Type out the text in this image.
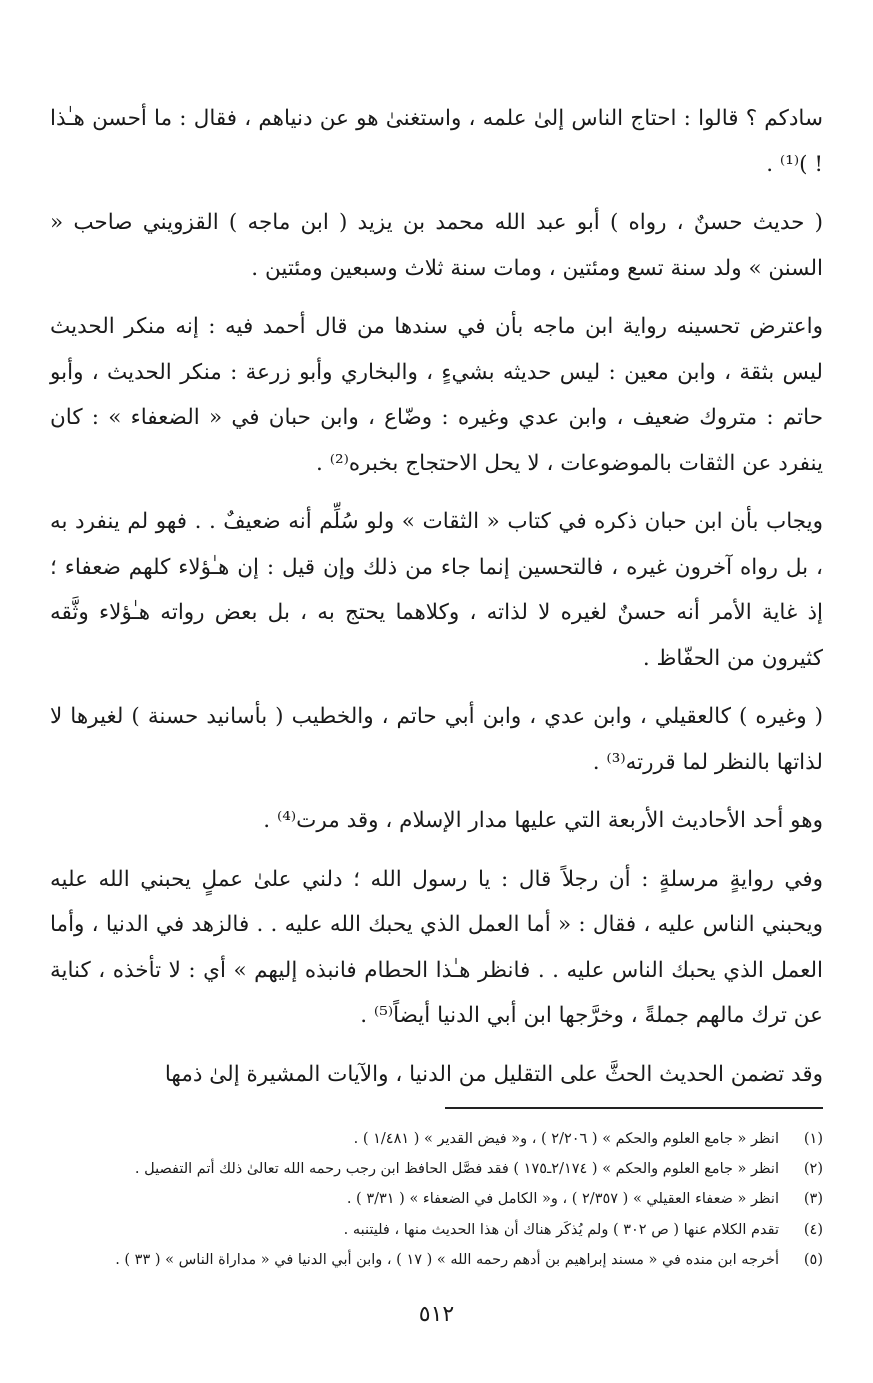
سادكم ؟ قالوا : احتاج الناس إلىٰ علمه ، واستغنىٰ هو عن دنياهم ، فقال : ما أحسن هـٰذا ! )⁽¹⁾ .

( حديث حسنٌ ، رواه ) أبو عبد الله محمد بن يزيد ( ابن ماجه ) القزويني صاحب « السنن » ولد سنة تسع ومئتين ، ومات سنة ثلاث وسبعين ومئتين .

واعترض تحسينه رواية ابن ماجه بأن في سندها من قال أحمد فيه : إنه منكر الحديث ليس بثقة ، وابن معين : ليس حديثه بشيءٍ ، والبخاري وأبو زرعة : منكر الحديث ، وأبو حاتم : متروك ضعيف ، وابن عدي وغيره : وضّاع ، وابن حبان في « الضعفاء » : كان ينفرد عن الثقات بالموضوعات ، لا يحل الاحتجاج بخبره⁽²⁾ .

ويجاب بأن ابن حبان ذكره في كتاب « الثقات » ولو سُلِّم أنه ضعيفٌ . . فهو لم ينفرد به ، بل رواه آخرون غيره ، فالتحسين إنما جاء من ذلك وإن قيل : إن هـٰؤلاء كلهم ضعفاء ؛ إذ غاية الأمر أنه حسنٌ لغيره لا لذاته ، وكلاهما يحتج به ، بل بعض رواته هـٰؤلاء وثَّقه كثيرون من الحفّاظ .

( وغيره ) كالعقيلي ، وابن عدي ، وابن أبي حاتم ، والخطيب ( بأسانيد حسنة ) لغيرها لا لذاتها بالنظر لما قررته⁽³⁾ .

وهو أحد الأحاديث الأربعة التي عليها مدار الإسلام ، وقد مرت⁽⁴⁾ .

وفي روايةٍ مرسلةٍ : أن رجلاً قال : يا رسول الله ؛ دلني علىٰ عملٍ يحبني الله عليه ويحبني الناس عليه ، فقال : « أما العمل الذي يحبك الله عليه . . فالزهد في الدنيا ، وأما العمل الذي يحبك الناس عليه . . فانظر هـٰذا الحطام فانبذه إليهم » أي : لا تأخذه ، كناية عن ترك مالهم جملةً ، وخرَّجها ابن أبي الدنيا أيضاً⁽⁵⁾ .

وقد تضمن الحديث الحثَّ على التقليل من الدنيا ، والآيات المشيرة إلىٰ ذمها

(١)
انظر « جامع العلوم والحكم » ( ٢/٢٠٦ ) ، و« فيض القدير » ( ١/٤٨١ ) .
(٢)
انظر « جامع العلوم والحكم » ( ٢/١٧٤ـ١٧٥ ) فقد فصَّل الحافظ ابن رجب رحمه الله تعالىٰ ذلك أتم التفصيل .
(٣)
انظر « ضعفاء العقيلي » ( ٢/٣٥٧ ) ، و« الكامل في الضعفاء » ( ٣/٣١ ) .
(٤)
تقدم الكلام عنها ( ص ٣٠٢ ) ولم يُذكَر هناك أن هذا الحديث منها ، فليتنبه .
(٥)
أخرجه ابن منده في « مسند إبراهيم بن أدهم رحمه الله » ( ١٧ ) ، وابن أبي الدنيا في « مداراة الناس » ( ٣٣ ) .
٥١٢
